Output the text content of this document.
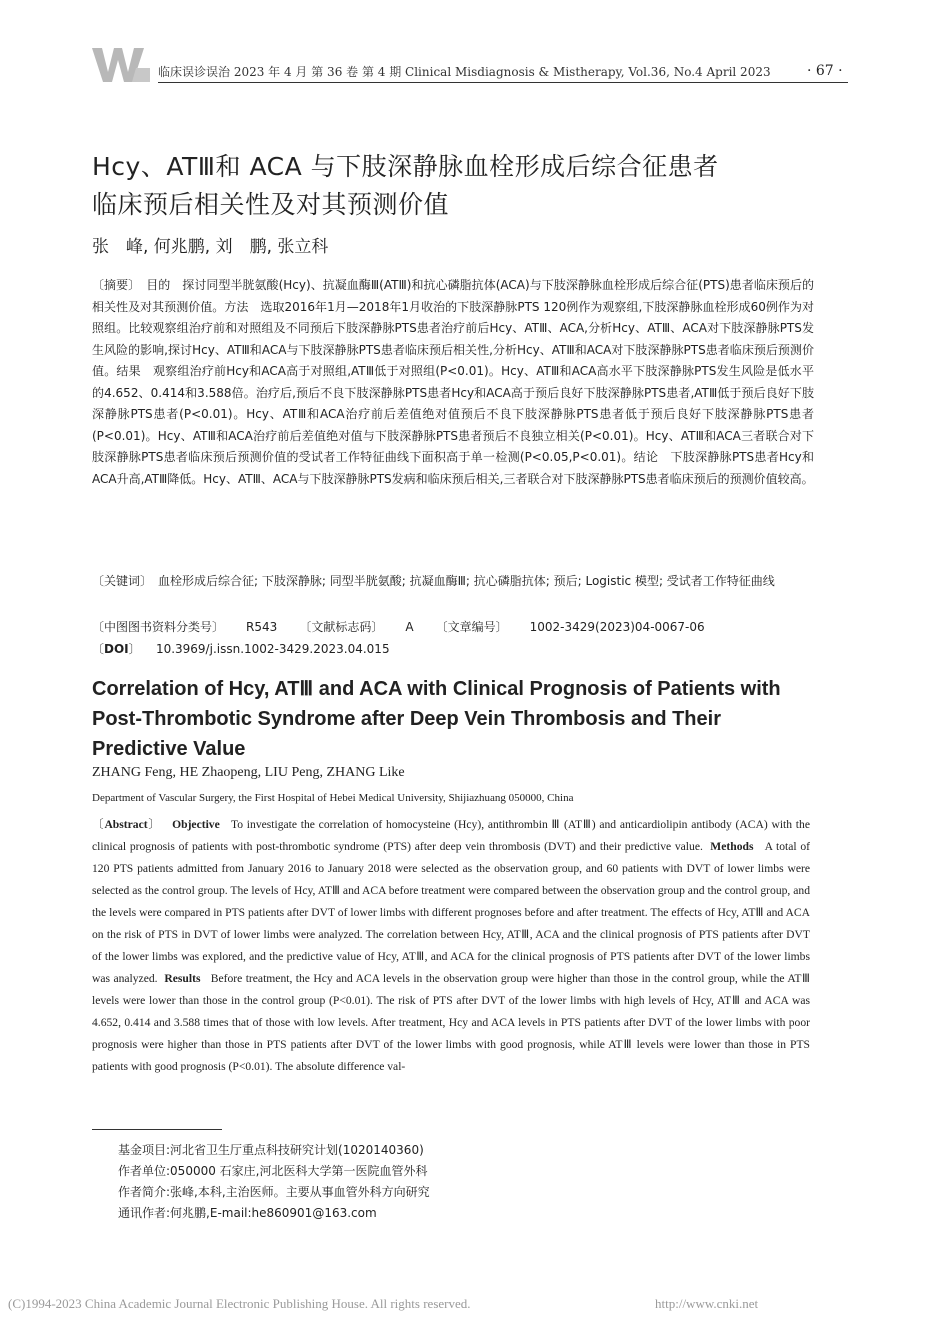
临床误诊误治 2023 年 4 月 第 36 卷 第 4 期 Clinical Misdiagnosis & Mistherapy, Vol.36, No.4 April 2023	· 67 ·
Hcy、ATⅢ和 ACA 与下肢深静脉血栓形成后综合征患者
临床预后相关性及对其预测价值
张　峰, 何兆鹏, 刘　鹏, 张立科
〔摘要〕　目的　探讨同型半胱氨酸(Hcy)、抗凝血酶Ⅲ(ATⅢ)和抗心磷脂抗体(ACA)与下肢深静脉血栓形成后综合征(PTS)患者临床预后的相关性及对其预测价值。方法　选取2016年1月—2018年1月收治的下肢深静脉PTS 120例作为观察组,下肢深静脉血栓形成60例作为对照组。比较观察组治疗前和对照组及不同预后下肢深静脉PTS患者治疗前后Hcy、ATⅢ、ACA,分析Hcy、ATⅢ、ACA对下肢深静脉PTS发生风险的影响,探讨Hcy、ATⅢ和ACA与下肢深静脉PTS患者临床预后相关性,分析Hcy、ATⅢ和ACA对下肢深静脉PTS患者临床预后预测价值。结果　观察组治疗前Hcy和ACA高于对照组,ATⅢ低于对照组(P<0.01)。Hcy、ATⅢ和ACA高水平下肢深静脉PTS发生风险是低水平的4.652、0.414和3.588倍。治疗后,预后不良下肢深静脉PTS患者Hcy和ACA高于预后良好下肢深静脉PTS患者,ATⅢ低于预后良好下肢深静脉PTS患者(P<0.01)。Hcy、ATⅢ和ACA治疗前后差值绝对值预后不良下肢深静脉PTS患者低于预后良好下肢深静脉PTS患者(P<0.01)。Hcy、ATⅢ和ACA治疗前后差值绝对值与下肢深静脉PTS患者预后不良独立相关(P<0.01)。Hcy、ATⅢ和ACA三者联合对下肢深静脉PTS患者临床预后预测价值的受试者工作特征曲线下面积高于单一检测(P<0.05,P<0.01)。结论　下肢深静脉PTS患者Hcy和ACA升高,ATⅢ降低。Hcy、ATⅢ、ACA与下肢深静脉PTS发病和临床预后相关,三者联合对下肢深静脉PTS患者临床预后的预测价值较高。
〔关键词〕　血栓形成后综合征; 下肢深静脉; 同型半胱氨酸; 抗凝血酶Ⅲ; 抗心磷脂抗体; 预后; Logistic 模型; 受试者工作特征曲线
〔中图图书资料分类号〕 R543 〔文献标志码〕 A 〔文章编号〕 1002-3429(2023)04-0067-06
〔DOI〕 10.3969/j.issn.1002-3429.2023.04.015
Correlation of Hcy, ATⅢ and ACA with Clinical Prognosis of Patients with Post-Thrombotic Syndrome after Deep Vein Thrombosis and Their Predictive Value
ZHANG Feng, HE Zhaopeng, LIU Peng, ZHANG Like
Department of Vascular Surgery, the First Hospital of Hebei Medical University, Shijiazhuang 050000, China
〔Abstract〕 Objective To investigate the correlation of homocysteine (Hcy), antithrombin Ⅲ (ATⅢ) and anticardiolipin antibody (ACA) with the clinical prognosis of patients with post-thrombotic syndrome (PTS) after deep vein thrombosis (DVT) and their predictive value. Methods A total of 120 PTS patients admitted from January 2016 to January 2018 were selected as the observation group, and 60 patients with DVT of lower limbs were selected as the control group. The levels of Hcy, ATⅢ and ACA before treatment were compared between the observation group and the control group, and the levels were compared in PTS patients after DVT of lower limbs with different prognoses before and after treatment. The effects of Hcy, ATⅢ and ACA on the risk of PTS in DVT of lower limbs were analyzed. The correlation between Hcy, ATⅢ, ACA and the clinical prognosis of PTS patients after DVT of the lower limbs was explored, and the predictive value of Hcy, ATⅢ, and ACA for the clinical prognosis of PTS patients after DVT of the lower limbs was analyzed. Results Before treatment, the Hcy and ACA levels in the observation group were higher than those in the control group, while the ATⅢ levels were lower than those in the control group (P<0.01). The risk of PTS after DVT of the lower limbs with high levels of Hcy, ATⅢ and ACA was 4.652, 0.414 and 3.588 times that of those with low levels. After treatment, Hcy and ACA levels in PTS patients after DVT of the lower limbs with poor prognosis were higher than those in PTS patients after DVT of the lower limbs with good prognosis, while ATⅢ levels were lower than those in PTS patients with good prognosis (P<0.01). The absolute difference val-
基金项目:河北省卫生厅重点科技研究计划(1020140360)
作者单位:050000 石家庄,河北医科大学第一医院血管外科
作者简介:张峰,本科,主治医师。主要从事血管外科方向研究
通讯作者:何兆鹏,E-mail:he860901@163.com
(C)1994-2023 China Academic Journal Electronic Publishing House. All rights reserved.	http://www.cnki.net
